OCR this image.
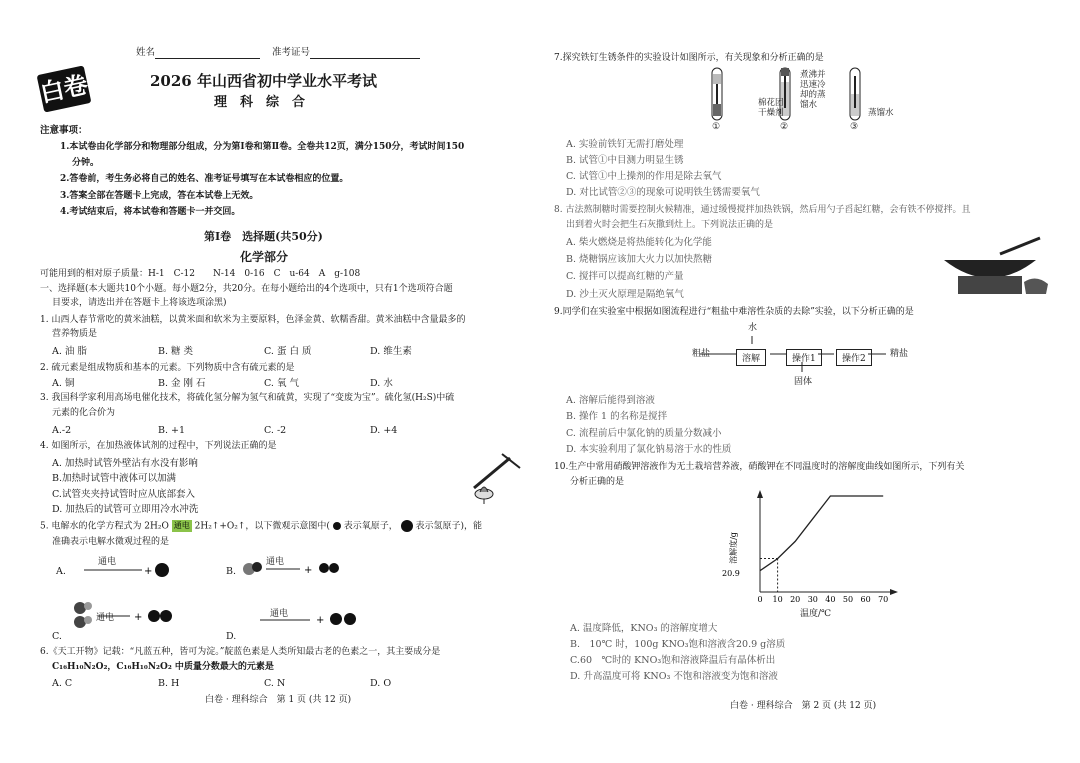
姓名	准考证号
白卷	2026 年山西省初中学业水平考试
理　科　综　合
注意事项：
1.本试卷由化学部分和物理部分组成，分为第Ⅰ卷和第Ⅱ卷。全卷共12页，满分150分，考试时间150
分钟。
2.答卷前，考生务必将自己的姓名、准考证号填写在本试卷相应的位置。
3.答案全部在答题卡上完成，答在本试卷上无效。
4.考试结束后，将本试卷和答题卡一并交回。
第Ⅰ卷　选择题(共50分)
化学部分
可能用到的相对原子质量：H-1　C-12　　N-14　0-16　C　u-64　A　g-108
一、选择题(本大题共10个小题。每小题2分，共20分。在每小题给出的4个选项中，只有1个选项符合题
目要求，请选出并在答题卡上将该选项涂黑)
1. 山西人春节常吃的黄米油糕，以黄米面和软米为主要原料，色泽金黄、软糯香甜。黄米油糕中含量最多的
营养物质是
A. 油 脂	B. 糖 类	C. 蛋 白 质	D. 维生素
2. 硫元素是组成物质和基本的元素。下列物质中含有硫元素的是
A. 铜	B. 金 刚 石	C. 氧 气	D. 水
3. 我国科学家利用高场电催化技术，将硫化氢分解为氢气和硫黄，实现了“变废为宝”。硫化氢(H₂S)中硫
元素的化合价为
A.-2	B. +1	C. -2	D. +4
4. 如图所示，在加热液体试剂的过程中，下列说法正确的是
A. 加热时试管外壁沾有水没有影响
B.加热时试管中液体可以加满
C.试管夹夹持试管时应从底部套入
D. 加热后的试管可立即用冷水冲洗
5. 电解水的化学方程式为 2H₂O 通电 2H₂↑+O₂↑，以下微观示意图中( 表示氧原子， 表示氢原子)，能
准确表示电解水微观过程的是
A.
通电
+	B.
通电
+
+
通电
C.
通电
+
D.
6.《天工开物》记载：“凡蓝五种，皆可为淀。”靛蓝色素是人类所知最古老的色素之一，其主要成分是
C₁₆H₁₀N₂O₂，C₁₆H₁₀N₂O₂ 中质量分数最大的元素是
A. C	B. H	C. N	D. O
白卷 · 理科综合　第 1 页 (共 12 页)
7.探究铁钉生锈条件的实验设计如图所示，有关现象和分析正确的是
棉花团
干燥剂
煮沸并
迅速冷
却的蒸
馏水
蒸馏水
①	②	③
A. 实验前铁钉无需打磨处理
B. 试管①中目测力明显生锈
C. 试管①中上操剂的作用是除去氧气
D. 对比试管②③的现象可说明铁生锈需要氧气
8. 古法熬制糖时需要控制火候精准，通过缓慢搅拌加热铁锅，然后用勺子舀起红糖，会有铁不停搅拌。且
出到着火时会把生石灰撒到灶上。下列说法正确的是
A. 柴火燃烧是将热能转化为化学能
B. 烧糖锅应该加大火力以加快熬糖
C. 搅拌可以提高红糖的产量
D. 沙土灭火原理是隔绝氧气
9.同学们在实验室中根据如图流程进行“粗盐中难溶性杂质的去除”实验，以下分析正确的是
水
粗盐	溶解	操作1	操作2	精盐
固体
A. 溶解后能得到溶液
B. 操作 1 的名称是搅拌
C. 流程前后中氯化钠的质量分数减小
D. 本实验利用了氯化钠易溶于水的性质
10.生产中常用硝酸钾溶液作为无土栽培营养液，硝酸钾在不同温度时的溶解度曲线如图所示，下列有关
分析正确的是
溶解度/g
20.9
0 10 20 30 40 50 60 70
温度/℃
A. 温度降低，KNO₃ 的溶解度增大
B.　10℃ 时，100g KNO₃饱和溶液含20.9 g溶质
C.60　℃时的 KNO₃饱和溶液降温后有晶体析出
D. 升高温度可将 KNO₃ 不饱和溶液变为饱和溶液
白卷 · 理科综合　第 2 页 (共 12 页)
